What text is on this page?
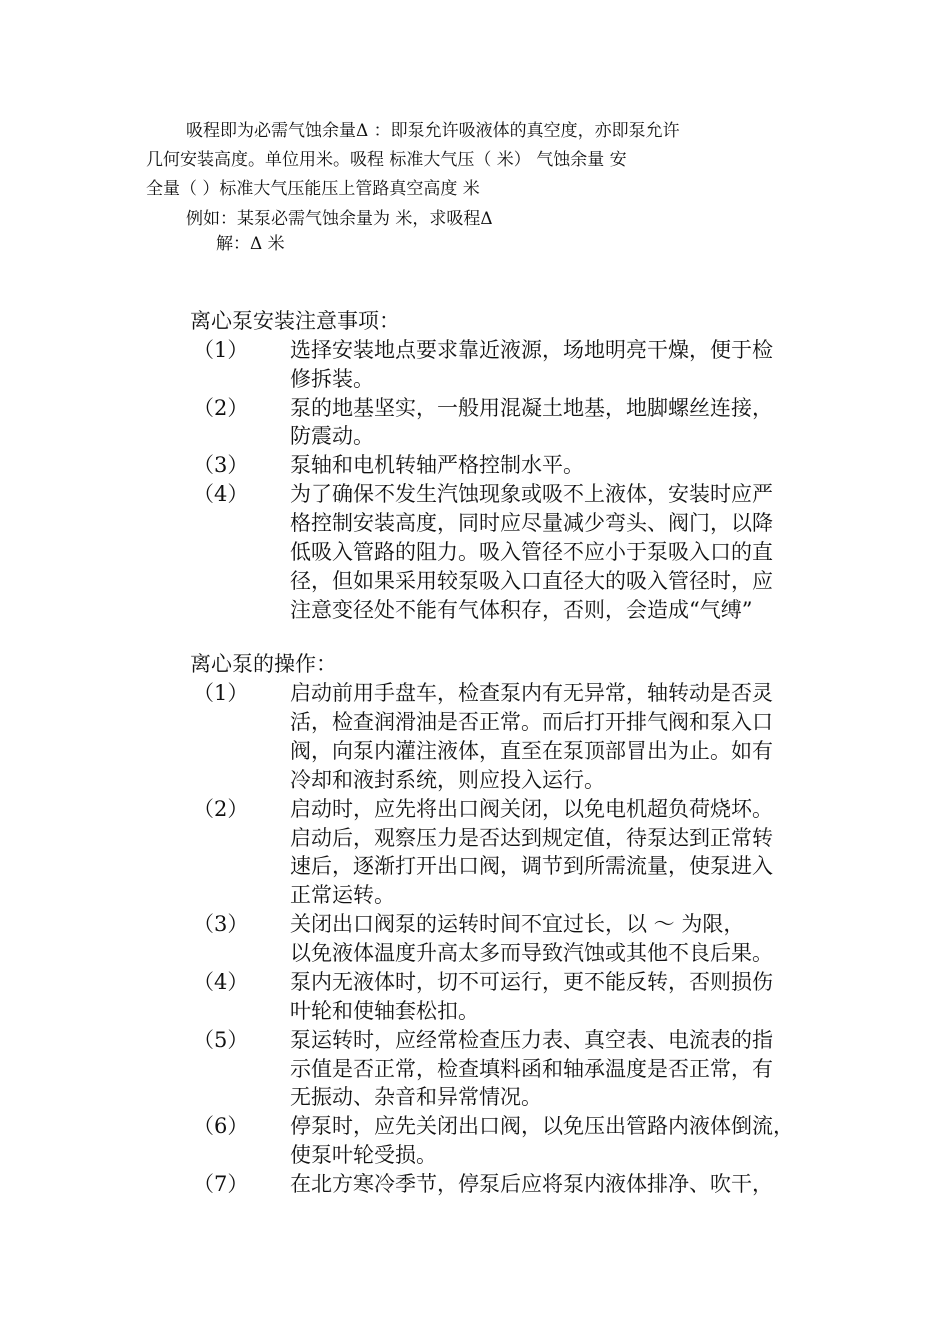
吸程即为必需气蚀余量Δ ：即泵允许吸液体的真空度，亦即泵允许
几何安装高度。单位用米。吸程 标准大气压（ 米） 气蚀余量 安
全量（ ）标准大气压能压上管路真空高度 米
例如：某泵必需气蚀余量为 米，求吸程Δ
解：Δ 米
离心泵安装注意事项：
（1） 选择安装地点要求靠近液源，场地明亮干燥，便于检
修拆装。
（2） 泵的地基坚实，一般用混凝土地基，地脚螺丝连接，
防震动。
（3） 泵轴和电机转轴严格控制水平。
（4） 为了确保不发生汽蚀现象或吸不上液体，安装时应严
格控制安装高度，同时应尽量减少弯头、阀门，以降
低吸入管路的阻力。吸入管径不应小于泵吸入口的直
径，但如果采用较泵吸入口直径大的吸入管径时，应
注意变径处不能有气体积存，否则，会造成“气缚”
离心泵的操作：
（1） 启动前用手盘车，检查泵内有无异常，轴转动是否灵
活，检查润滑油是否正常。而后打开排气阀和泵入口
阀，向泵内灌注液体，直至在泵顶部冒出为止。如有
冷却和液封系统，则应投入运行。
（2） 启动时，应先将出口阀关闭，以免电机超负荷烧坏。
启动后，观察压力是否达到规定值，待泵达到正常转
速后，逐渐打开出口阀，调节到所需流量，使泵进入
正常运转。
（3） 关闭出口阀泵的运转时间不宜过长，以 ～ 为限，
以免液体温度升高太多而导致汽蚀或其他不良后果。
（4） 泵内无液体时，切不可运行，更不能反转，否则损伤
叶轮和使轴套松扣。
（5） 泵运转时，应经常检查压力表、真空表、电流表的指
示值是否正常，检查填料函和轴承温度是否正常，有
无振动、杂音和异常情况。
（6） 停泵时，应先关闭出口阀，以免压出管路内液体倒流，
使泵叶轮受损。
（7） 在北方寒冷季节，停泵后应将泵内液体排净、吹干，
